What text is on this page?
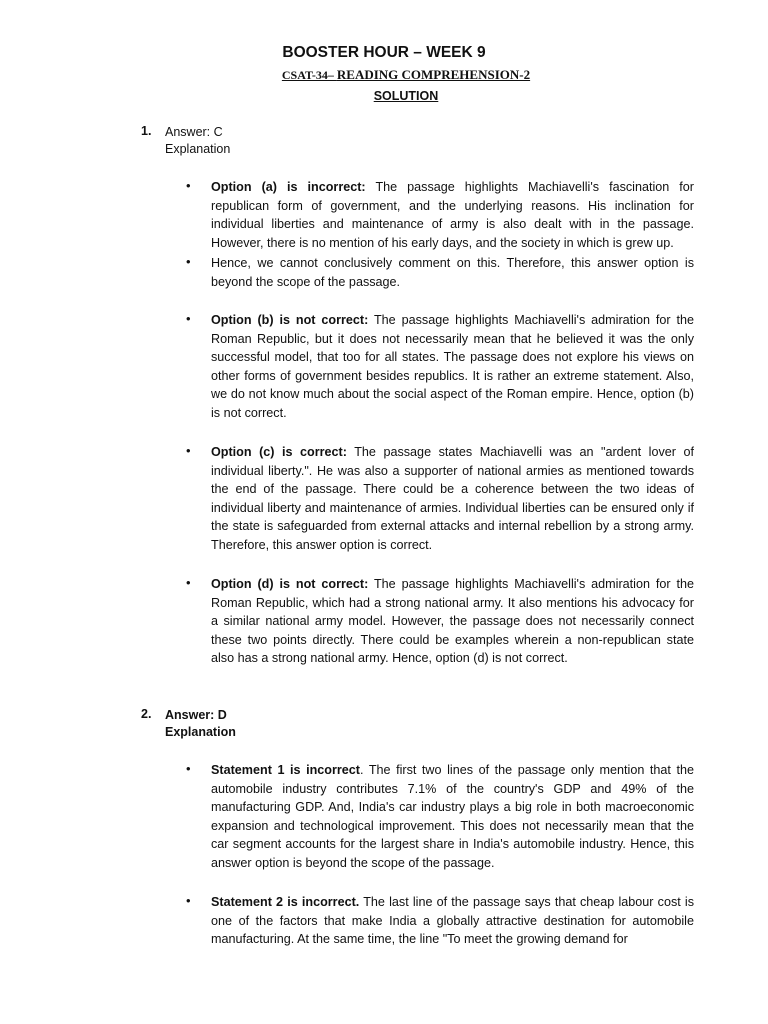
BOOSTER HOUR – WEEK 9
CSAT-34– READING COMPREHENSION-2
SOLUTION
1. Answer: C
Explanation
• Option (a) is incorrect: The passage highlights Machiavelli's fascination for republican form of government, and the underlying reasons. His inclination for individual liberties and maintenance of army is also dealt with in the passage. However, there is no mention of his early days, and the society in which is grew up.
• Hence, we cannot conclusively comment on this. Therefore, this answer option is beyond the scope of the passage.
• Option (b) is not correct: The passage highlights Machiavelli's admiration for the Roman Republic, but it does not necessarily mean that he believed it was the only successful model, that too for all states. The passage does not explore his views on other forms of government besides republics. It is rather an extreme statement. Also, we do not know much about the social aspect of the Roman empire. Hence, option (b) is not correct.
• Option (c) is correct: The passage states Machiavelli was an "ardent lover of individual liberty.". He was also a supporter of national armies as mentioned towards the end of the passage. There could be a coherence between the two ideas of individual liberty and maintenance of armies. Individual liberties can be ensured only if the state is safeguarded from external attacks and internal rebellion by a strong army. Therefore, this answer option is correct.
• Option (d) is not correct: The passage highlights Machiavelli's admiration for the Roman Republic, which had a strong national army. It also mentions his advocacy for a similar national army model. However, the passage does not necessarily connect these two points directly. There could be examples wherein a non-republican state also has a strong national army. Hence, option (d) is not correct.
2. Answer: D
Explanation
• Statement 1 is incorrect. The first two lines of the passage only mention that the automobile industry contributes 7.1% of the country's GDP and 49% of the manufacturing GDP. And, India's car industry plays a big role in both macroeconomic expansion and technological improvement. This does not necessarily mean that the car segment accounts for the largest share in India's automobile industry. Hence, this answer option is beyond the scope of the passage.
• Statement 2 is incorrect. The last line of the passage says that cheap labour cost is one of the factors that make India a globally attractive destination for automobile manufacturing. At the same time, the line "To meet the growing demand for
